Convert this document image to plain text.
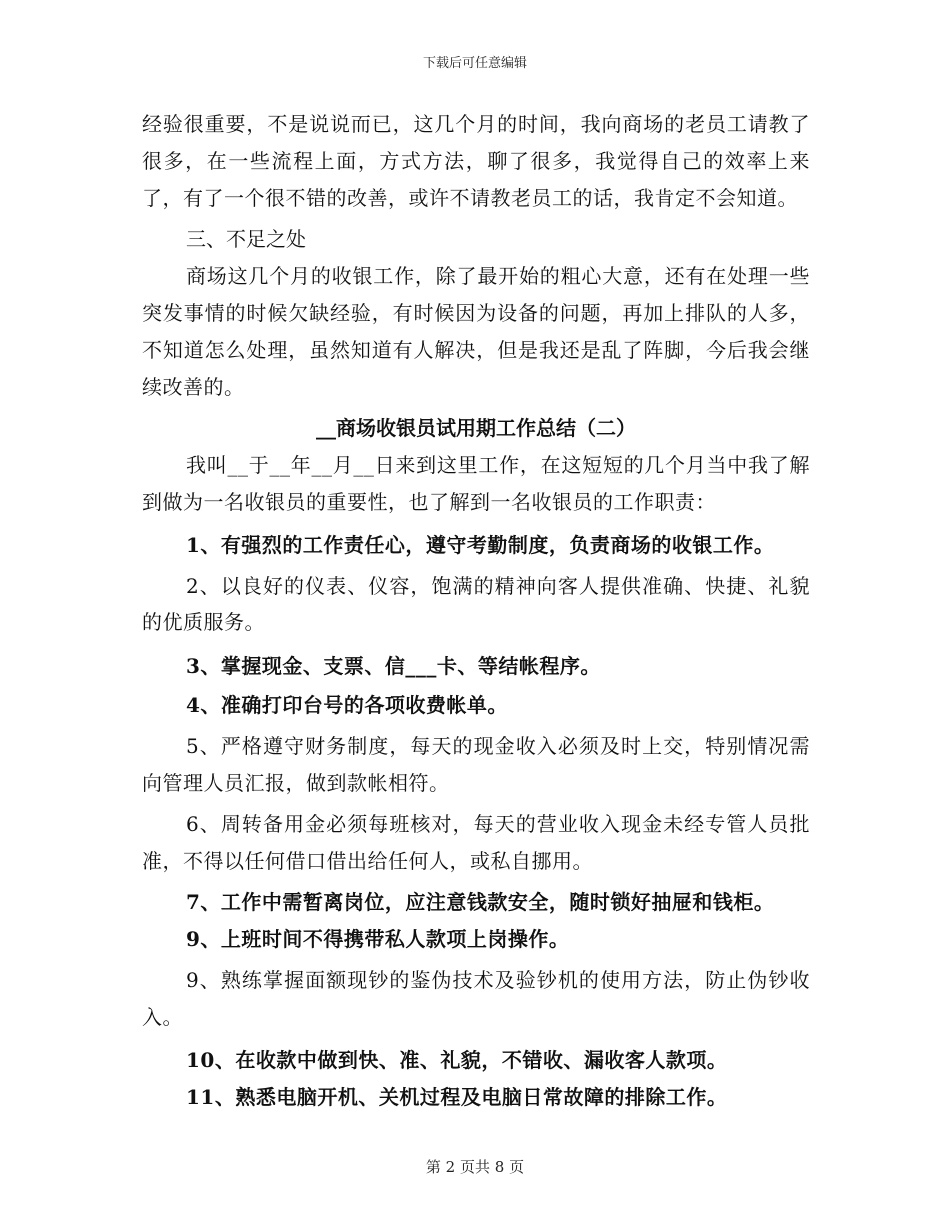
下载后可任意编辑

经验很重要，不是说说而已，这几个月的时间，我向商场的老员工请教了很多，在一些流程上面，方式方法，聊了很多，我觉得自己的效率上来了，有了一个很不错的改善，或许不请教老员工的话，我肯定不会知道。

三、不足之处

商场这几个月的收银工作，除了最开始的粗心大意，还有在处理一些突发事情的时候欠缺经验，有时候因为设备的问题，再加上排队的人多，不知道怎么处理，虽然知道有人解决，但是我还是乱了阵脚，今后我会继续改善的。

__商场收银员试用期工作总结（二）

我叫__于__年__月__日来到这里工作，在这短短的几个月当中我了解到做为一名收银员的重要性，也了解到一名收银员的工作职责：

1、有强烈的工作责任心，遵守考勤制度，负责商场的收银工作。

2、以良好的仪表、仪容，饱满的精神向客人提供准确、快捷、礼貌的优质服务。

3、掌握现金、支票、信___卡、等结帐程序。

4、准确打印台号的各项收费帐单。

5、严格遵守财务制度，每天的现金收入必须及时上交，特别情况需向管理人员汇报，做到款帐相符。

6、周转备用金必须每班核对，每天的营业收入现金未经专管人员批准，不得以任何借口借出给任何人，或私自挪用。

7、工作中需暂离岗位，应注意钱款安全，随时锁好抽屉和钱柜。

9、上班时间不得携带私人款项上岗操作。

9、熟练掌握面额现钞的鉴伪技术及验钞机的使用方法，防止伪钞收入。

10、在收款中做到快、准、礼貌，不错收、漏收客人款项。

11、熟悉电脑开机、关机过程及电脑日常故障的排除工作。

第 2 页共 8 页
